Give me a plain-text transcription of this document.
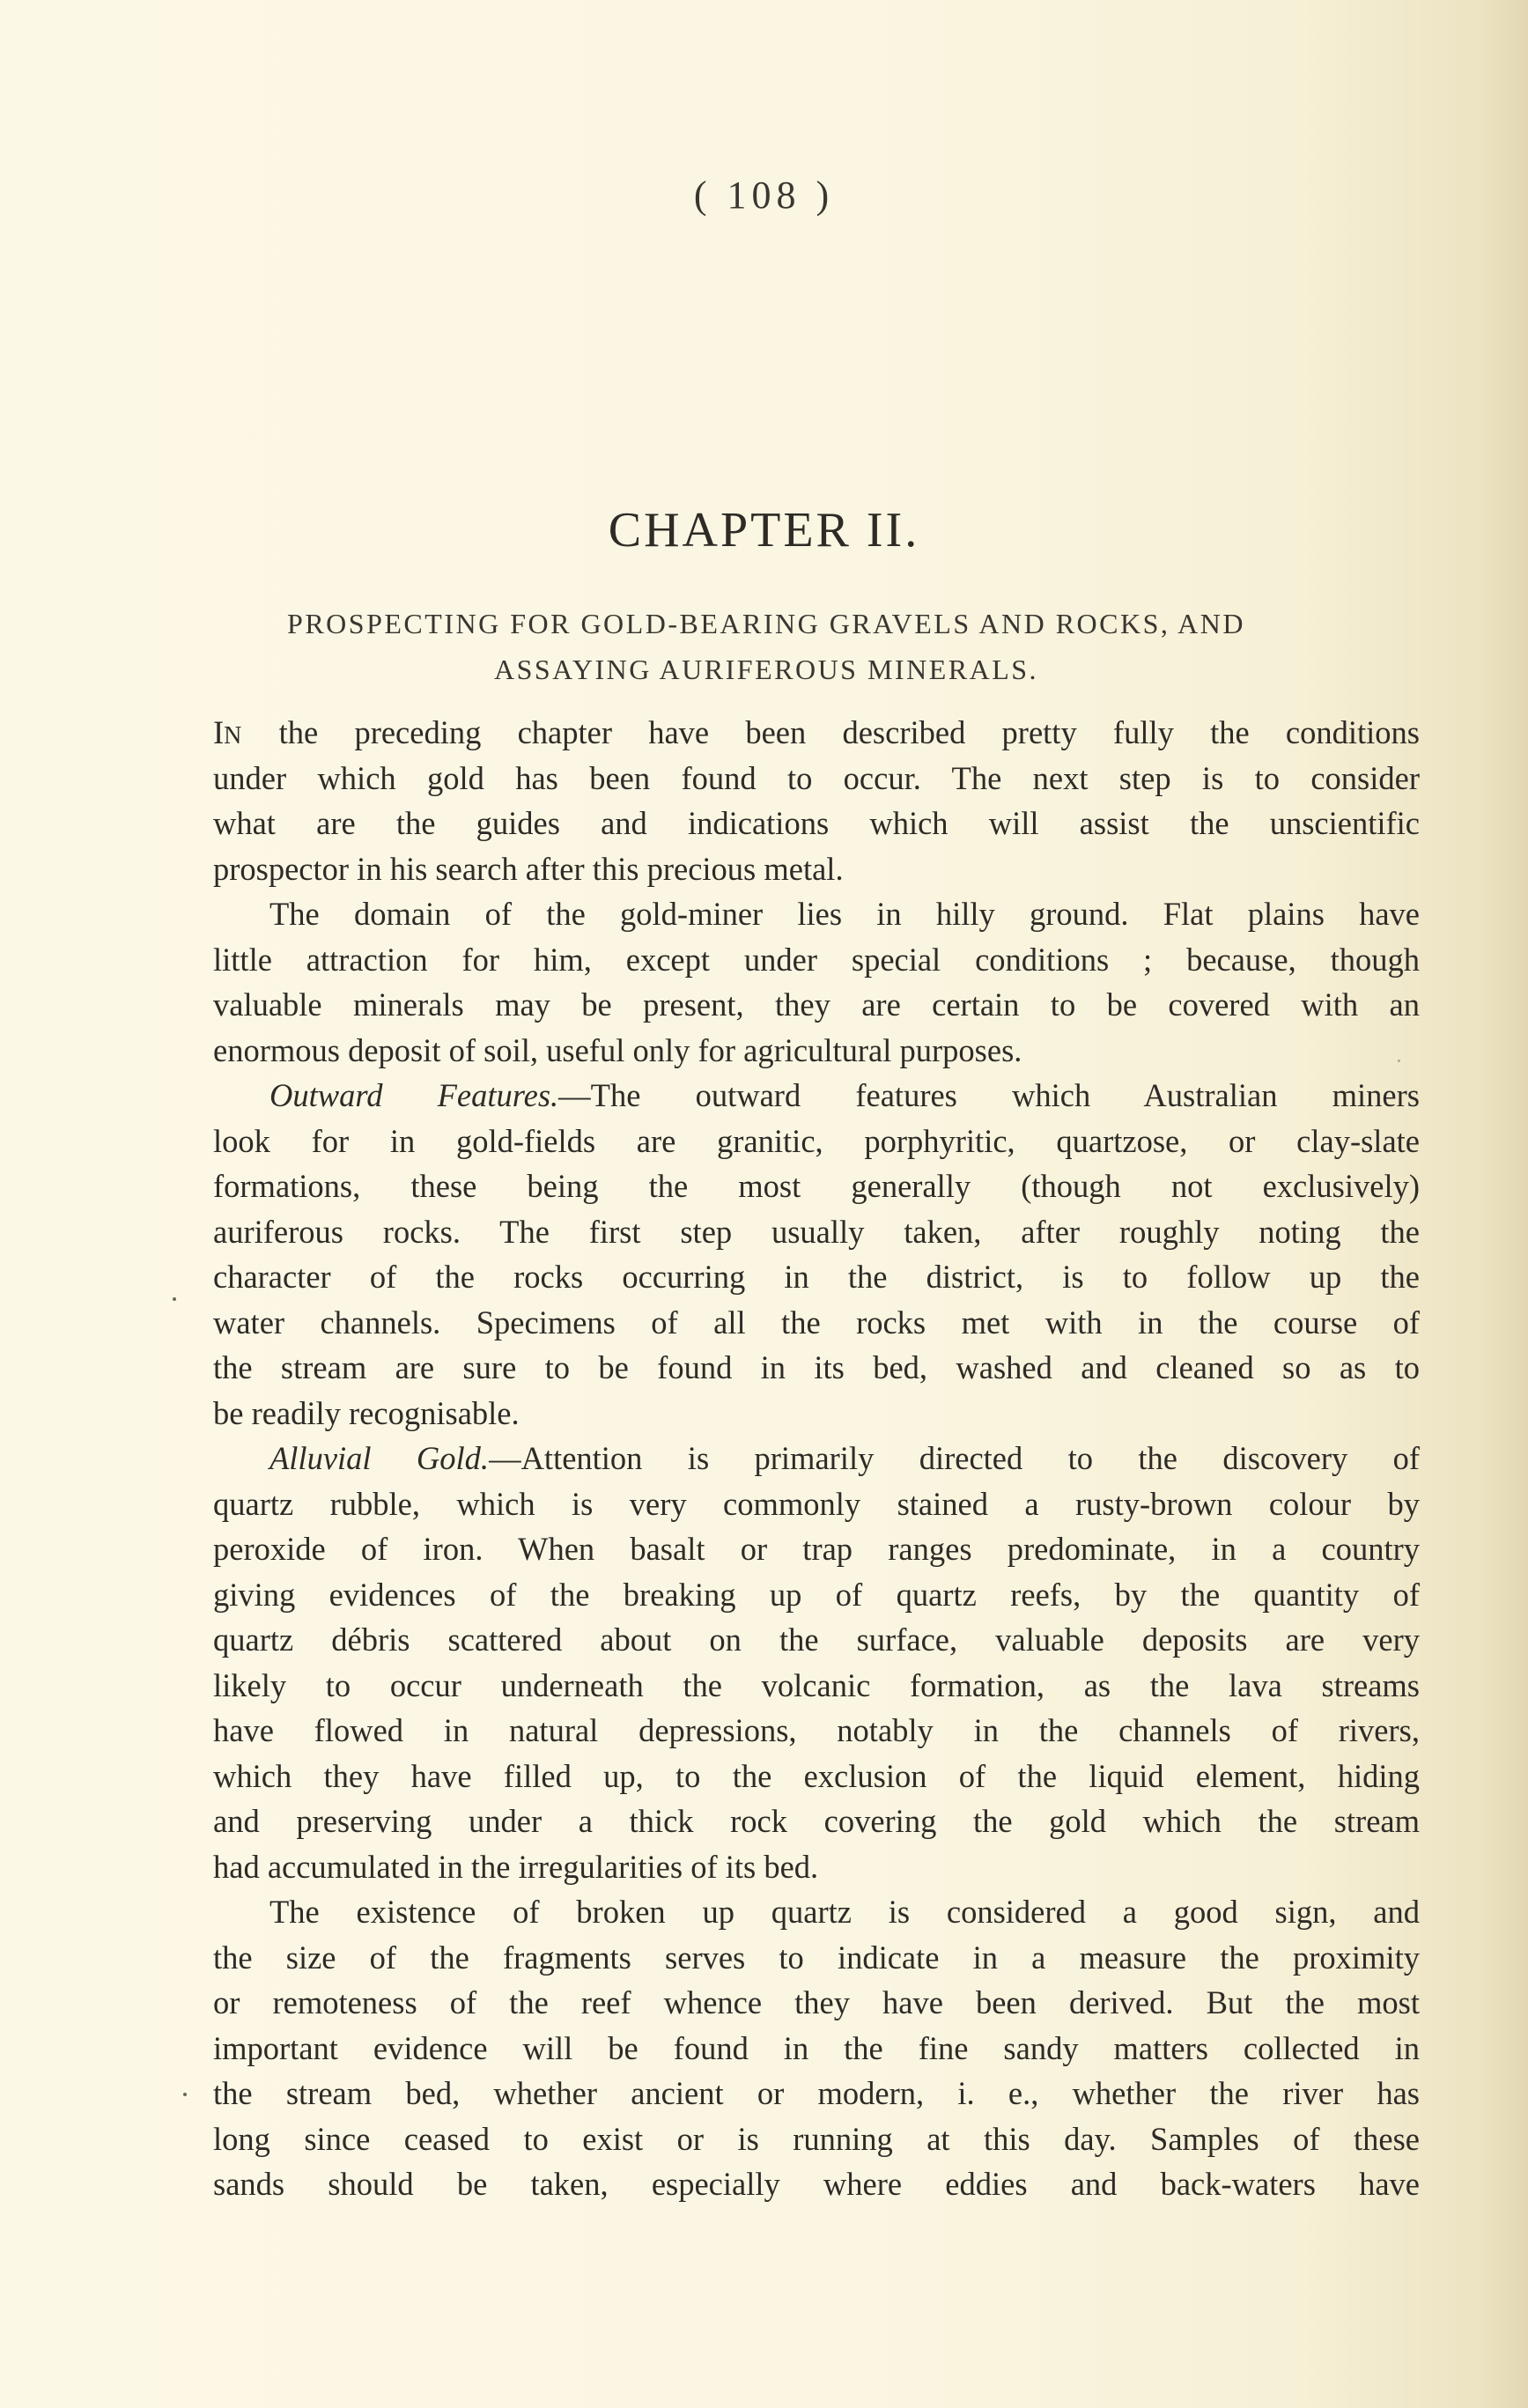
( 108 )
CHAPTER II.
PROSPECTING FOR GOLD-BEARING GRAVELS AND ROCKS, AND
ASSAYING AURIFEROUS MINERALS.
IN the preceding chapter have been described pretty fully the conditions
under which gold has been found to occur. The next step is to consider
what are the guides and indications which will assist the unscientific
prospector in his search after this precious metal.
The domain of the gold-miner lies in hilly ground. Flat plains have
little attraction for him, except under special conditions ; because, though
valuable minerals may be present, they are certain to be covered with an
enormous deposit of soil, useful only for agricultural purposes.
Outward Features.—The outward features which Australian miners
look for in gold-fields are granitic, porphyritic, quartzose, or clay-slate
formations, these being the most generally (though not exclusively)
auriferous rocks. The first step usually taken, after roughly noting the
character of the rocks occurring in the district, is to follow up the
water channels. Specimens of all the rocks met with in the course of
the stream are sure to be found in its bed, washed and cleaned so as to
be readily recognisable.
Alluvial Gold.—Attention is primarily directed to the discovery of
quartz rubble, which is very commonly stained a rusty-brown colour by
peroxide of iron. When basalt or trap ranges predominate, in a country
giving evidences of the breaking up of quartz reefs, by the quantity of
quartz débris scattered about on the surface, valuable deposits are very
likely to occur underneath the volcanic formation, as the lava streams
have flowed in natural depressions, notably in the channels of rivers,
which they have filled up, to the exclusion of the liquid element, hiding
and preserving under a thick rock covering the gold which the stream
had accumulated in the irregularities of its bed.
The existence of broken up quartz is considered a good sign, and
the size of the fragments serves to indicate in a measure the proximity
or remoteness of the reef whence they have been derived. But the most
important evidence will be found in the fine sandy matters collected in
the stream bed, whether ancient or modern, i. e., whether the river has
long since ceased to exist or is running at this day. Samples of these
sands should be taken, especially where eddies and back-waters have
